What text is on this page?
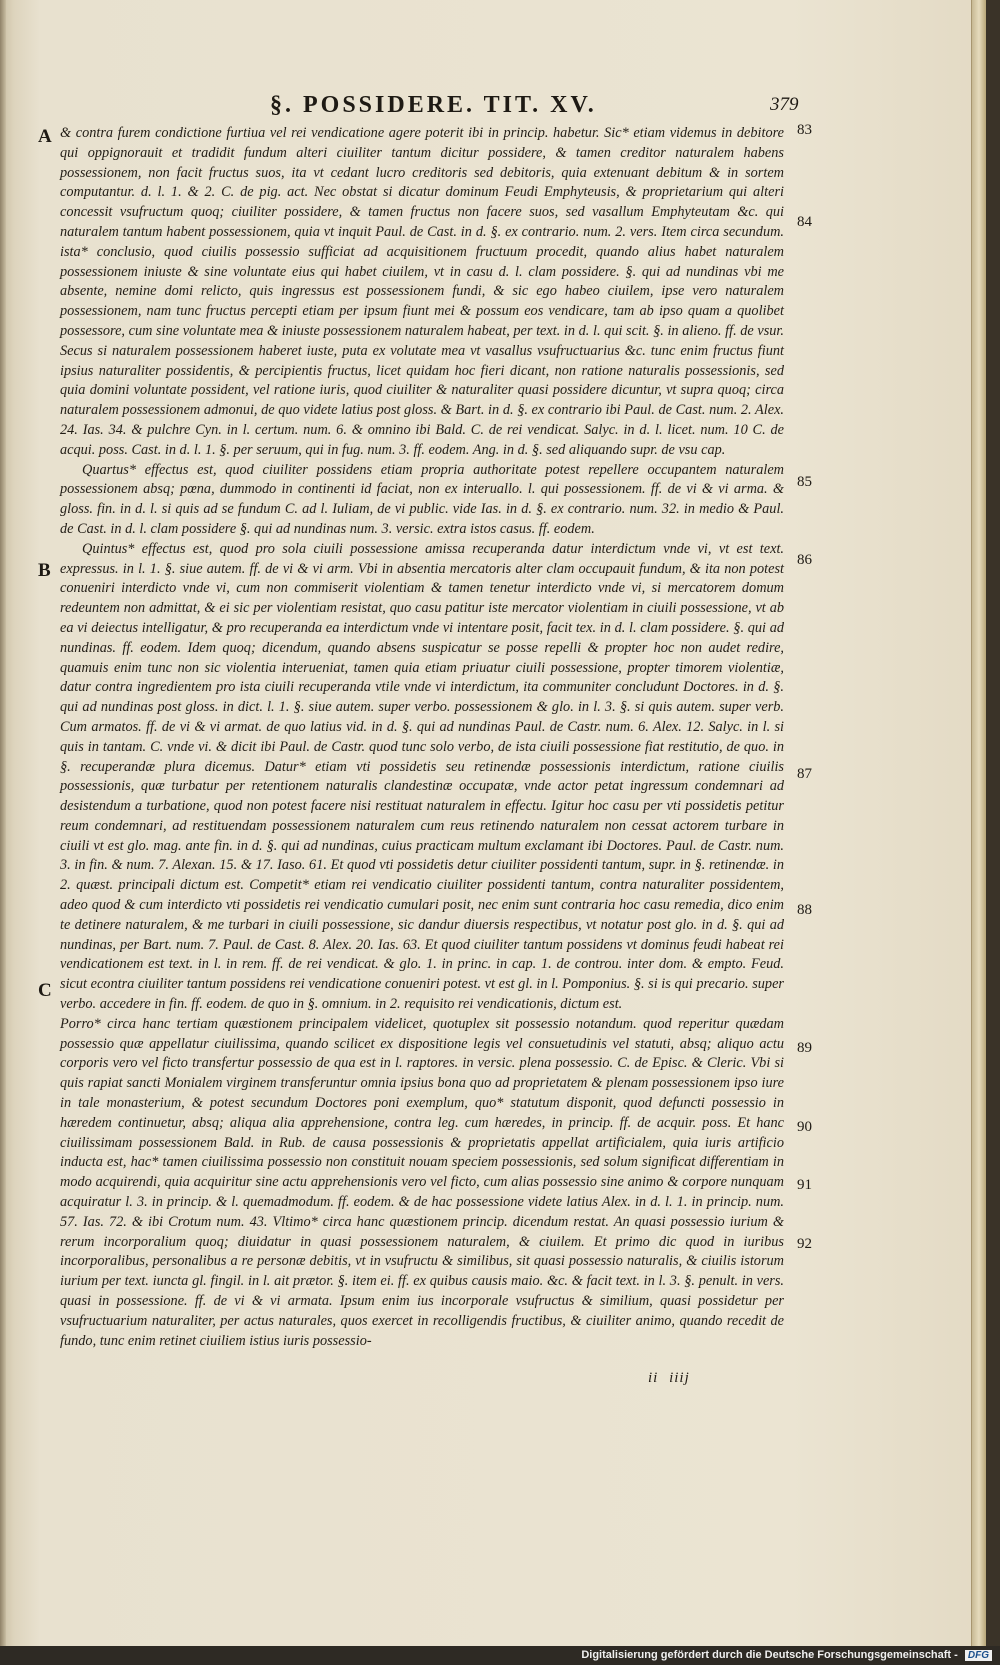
§. POSSIDERE. TIT. XV.	379
A
B
C
83
84
85
86
87
88
89
90
91
92

& contra furem condictione furtiua vel rei vendicatione agere poterit ibi in princip. habetur. Sic* etiam videmus in debitore qui oppignorauit et tradidit fundum alteri ciuiliter tantum dicitur possidere, & tamen creditor naturalem habens possessionem, non facit fructus suos, ita vt cedant lucro creditoris sed debitoris, quia extenuant debitum & in sortem computantur. d. l. 1. & 2. C. de pig. act. Nec obstat si dicatur dominum Feudi Emphyteusis, & proprietarium qui alteri concessit vsufructum quoq; ciuiliter possidere, & tamen fructus non facere suos, sed vasallum Emphyteutam &c. qui naturalem tantum habent possessionem, quia vt inquit Paul. de Cast. in d. §. ex contrario. num. 2. vers. Item circa secundum. ista* conclusio, quod ciuilis possessio sufficiat ad acquisitionem fructuum procedit, quando alius habet naturalem possessionem iniuste & sine voluntate eius qui habet ciuilem, vt in casu d. l. clam possidere. §. qui ad nundinas vbi me absente, nemine domi relicto, quis ingressus est possessionem fundi, & sic ego habeo ciuilem, ipse vero naturalem possessionem, nam tunc fructus percepti etiam per ipsum fiunt mei & possum eos vendicare, tam ab ipso quam a quolibet possessore, cum sine voluntate mea & iniuste possessionem naturalem habeat, per text. in d. l. qui scit. §. in alieno. ff. de vsur. Secus si naturalem possessionem haberet iuste, puta ex volutate mea vt vasallus vsufructuarius &c. tunc enim fructus fiunt ipsius naturaliter possidentis, & percipientis fructus, licet quidam hoc fieri dicant, non ratione naturalis possessionis, sed quia domini voluntate possident, vel ratione iuris, quod ciuiliter & naturaliter quasi possidere dicuntur, vt supra quoq; circa naturalem possessionem admonui, de quo videte latius post gloss. & Bart. in d. §. ex contrario ibi Paul. de Cast. num. 2. Alex. 24. Ias. 34. & pulchre Cyn. in l. certum. num. 6. & omnino ibi Bald. C. de rei vendicat. Salyc. in d. l. licet. num. 10 C. de acqui. poss. Cast. in d. l. 1. §. per seruum, qui in fug. num. 3. ff. eodem. Ang. in d. §. sed aliquando supr. de vsu cap.

Quartus* effectus est, quod ciuiliter possidens etiam propria authoritate potest repellere occupantem naturalem possessionem absq; pœna, dummodo in continenti id faciat, non ex interuallo. l. qui possessionem. ff. de vi & vi arma. & gloss. fin. in d. l. si quis ad se fundum C. ad l. Iuliam, de vi public. vide Ias. in d. §. ex contrario. num. 32. in medio & Paul. de Cast. in d. l. clam possidere §. qui ad nundinas num. 3. versic. extra istos casus. ff. eodem.

Quintus* effectus est, quod pro sola ciuili possessione amissa recuperanda datur interdictum vnde vi, vt est text. expressus. in l. 1. §. siue autem. ff. de vi & vi arm. Vbi in absentia mercatoris alter clam occupauit fundum, & ita non potest conueniri interdicto vnde vi, cum non commiserit violentiam & tamen tenetur interdicto vnde vi, si mercatorem domum redeuntem non admittat, & ei sic per violentiam resistat, quo casu patitur iste mercator violentiam in ciuili possessione, vt ab ea vi deiectus intelligatur, & pro recuperanda ea interdictum vnde vi intentare posit, facit tex. in d. l. clam possidere. §. qui ad nundinas. ff. eodem. Idem quoq; dicendum, quando absens suspicatur se posse repelli & propter hoc non audet redire, quamuis enim tunc non sic violentia interueniat, tamen quia etiam priuatur ciuili possessione, propter timorem violentiæ, datur contra ingredientem pro ista ciuili recuperanda vtile vnde vi interdictum, ita communiter concludunt Doctores. in d. §. qui ad nundinas post gloss. in dict. l. 1. §. siue autem. super verbo. possessionem & glo. in l. 3. §. si quis autem. super verb. Cum armatos. ff. de vi & vi armat. de quo latius vid. in d. §. qui ad nundinas Paul. de Castr. num. 6. Alex. 12. Salyc. in l. si quis in tantam. C. vnde vi. & dicit ibi Paul. de Castr. quod tunc solo verbo, de ista ciuili possessione fiat restitutio, de quo. in §. recuperandæ plura dicemus. Datur* etiam vti possidetis seu retinendæ possessionis interdictum, ratione ciuilis possessionis, quæ turbatur per retentionem naturalis clandestinæ occupatæ, vnde actor petat ingressum condemnari ad desistendum a turbatione, quod non potest facere nisi restituat naturalem in effectu. Igitur hoc casu per vti possidetis petitur reum condemnari, ad restituendam possessionem naturalem cum reus retinendo naturalem non cessat actorem turbare in ciuili vt est glo. mag. ante fin. in d. §. qui ad nundinas, cuius practicam multum exclamant ibi Doctores. Paul. de Castr. num. 3. in fin. & num. 7. Alexan. 15. & 17. Iaso. 61. Et quod vti possidetis detur ciuiliter possidenti tantum, supr. in §. retinendæ. in 2. quæst. principali dictum est. Competit* etiam rei vendicatio ciuiliter possidenti tantum, contra naturaliter possidentem, adeo quod & cum interdicto vti possidetis rei vendicatio cumulari posit, nec enim sunt contraria hoc casu remedia, dico enim te detinere naturalem, & me turbari in ciuili possessione, sic dandur diuersis respectibus, vt notatur post glo. in d. §. qui ad nundinas, per Bart. num. 7. Paul. de Cast. 8. Alex. 20. Ias. 63. Et quod ciuiliter tantum possidens vt dominus feudi habeat rei vendicationem est text. in l. in rem. ff. de rei vendicat. & glo. 1. in princ. in cap. 1. de controu. inter dom. & empto. Feud. sicut econtra ciuiliter tantum possidens rei vendicatione conueniri potest. vt est gl. in l. Pomponius. §. si is qui precario. super verbo. accedere in fin. ff. eodem. de quo in §. omnium. in 2. requisito rei vendicationis, dictum est.

Porro* circa hanc tertiam quæstionem principalem videlicet, quotuplex sit possessio notandum. quod reperitur quædam possessio quæ appellatur ciuilissima, quando scilicet ex dispositione legis vel consuetudinis vel statuti, absq; aliquo actu corporis vero vel ficto transfertur possessio de qua est in l. raptores. in versic. plena possessio. C. de Episc. & Cleric. Vbi si quis rapiat sancti Monialem virginem transferuntur omnia ipsius bona quo ad proprietatem & plenam possessionem ipso iure in tale monasterium, & potest secundum Doctores poni exemplum, quo* statutum disponit, quod defuncti possessio in hæredem continuetur, absq; aliqua alia apprehensione, contra leg. cum hæredes, in princip. ff. de acquir. poss. Et hanc ciuilissimam possessionem Bald. in Rub. de causa possessionis & proprietatis appellat artificialem, quia iuris artificio inducta est, hac* tamen ciuilissima possessio non constituit nouam speciem possessionis, sed solum significat differentiam in modo acquirendi, quia acquiritur sine actu apprehensionis vero vel ficto, cum alias possessio sine animo & corpore nunquam acquiratur l. 3. in princip. & l. quemadmodum. ff. eodem. & de hac possessione videte latius Alex. in d. l. 1. in princip. num. 57. Ias. 72. & ibi Crotum num. 43. Vltimo* circa hanc quæstionem princip. dicendum restat. An quasi possessio iurium & rerum incorporalium quoq; diuidatur in quasi possessionem naturalem, & ciuilem. Et primo dic quod in iuribus incorporalibus, personalibus a re personæ debitis, vt in vsufructu & similibus, sit quasi possessio naturalis, & ciuilis istorum iurium per text. iuncta gl. fingil. in l. ait prætor. §. item ei. ff. ex quibus causis maio. &c. & facit text. in l. 3. §. penult. in vers. quasi in possessione. ff. de vi & vi armata. Ipsum enim ius incorporale vsufructus & similium, quasi possidetur per vsufructuarium naturaliter, per actus naturales, quos exercet in recolligendis fructibus, & ciuiliter animo, quando recedit de fundo, tunc enim retinet ciuiliem istius iuris possessio-

ii iiij
Digitalisierung gefördert durch die Deutsche Forschungsgemeinschaft - DFG
